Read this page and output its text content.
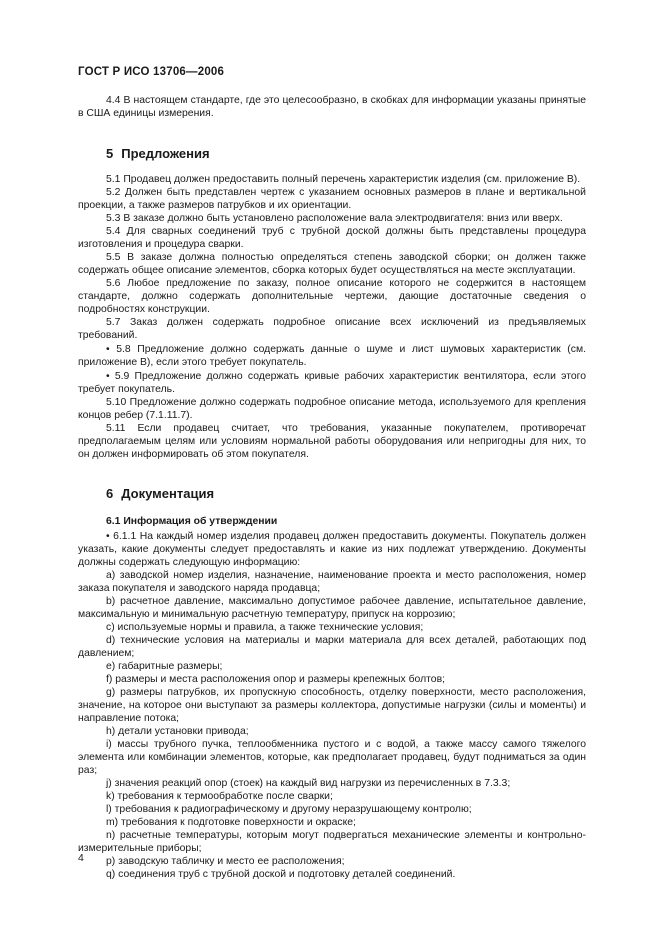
ГОСТ Р ИСО 13706—2006

4.4 В настоящем стандарте, где это целесообразно, в скобках для информации указаны принятые в США единицы измерения.

5 Предложения

5.1 Продавец должен предоставить полный перечень характеристик изделия (см. приложение В).

5.2 Должен быть представлен чертеж с указанием основных размеров в плане и вертикальной проекции, а также размеров патрубков и их ориентации.

5.3 В заказе должно быть установлено расположение вала электродвигателя: вниз или вверх.

5.4 Для сварных соединений труб с трубной доской должны быть представлены процедура изготовления и процедура сварки.

5.5 В заказе должна полностью определяться степень заводской сборки; он должен также содержать общее описание элементов, сборка которых будет осуществляться на месте эксплуатации.

5.6 Любое предложение по заказу, полное описание которого не содержится в настоящем стандарте, должно содержать дополнительные чертежи, дающие достаточные сведения о подробностях конструкции.

5.7 Заказ должен содержать подробное описание всех исключений из предъявляемых требований.

• 5.8 Предложение должно содержать данные о шуме и лист шумовых характеристик (см. приложение В), если этого требует покупатель.

• 5.9 Предложение должно содержать кривые рабочих характеристик вентилятора, если этого требует покупатель.

5.10 Предложение должно содержать подробное описание метода, используемого для крепления концов ребер (7.1.11.7).

5.11 Если продавец считает, что требования, указанные покупателем, противоречат предполагаемым целям или условиям нормальной работы оборудования или непригодны для них, то он должен информировать об этом покупателя.

6 Документация

6.1 Информация об утверждении

• 6.1.1 На каждый номер изделия продавец должен предоставить документы. Покупатель должен указать, какие документы следует предоставлять и какие из них подлежат утверждению. Документы должны содержать следующую информацию:

а) заводской номер изделия, назначение, наименование проекта и место расположения, номер заказа покупателя и заводского наряда продавца;

b) расчетное давление, максимально допустимое рабочее давление, испытательное давление, максимальную и минимальную расчетную температуру, припуск на коррозию;

c) используемые нормы и правила, а также технические условия;

d) технические условия на материалы и марки материала для всех деталей, работающих под давлением;

e) габаритные размеры;

f) размеры и места расположения опор и размеры крепежных болтов;

g) размеры патрубков, их пропускную способность, отделку поверхности, место расположения, значение, на которое они выступают за размеры коллектора, допустимые нагрузки (силы и моменты) и направление потока;

h) детали установки привода;

i) массы трубного пучка, теплообменника пустого и с водой, а также массу самого тяжелого элемента или комбинации элементов, которые, как предполагает продавец, будут подниматься за один раз;

j) значения реакций опор (стоек) на каждый вид нагрузки из перечисленных в 7.3.3;

k) требования к термообработке после сварки;

l) требования к радиографическому и другому неразрушающему контролю;

m) требования к подготовке поверхности и окраске;

n) расчетные температуры, которым могут подвергаться механические элементы и контрольно-измерительные приборы;

p) заводскую табличку и место ее расположения;

q) соединения труб с трубной доской и подготовку деталей соединений.

4
